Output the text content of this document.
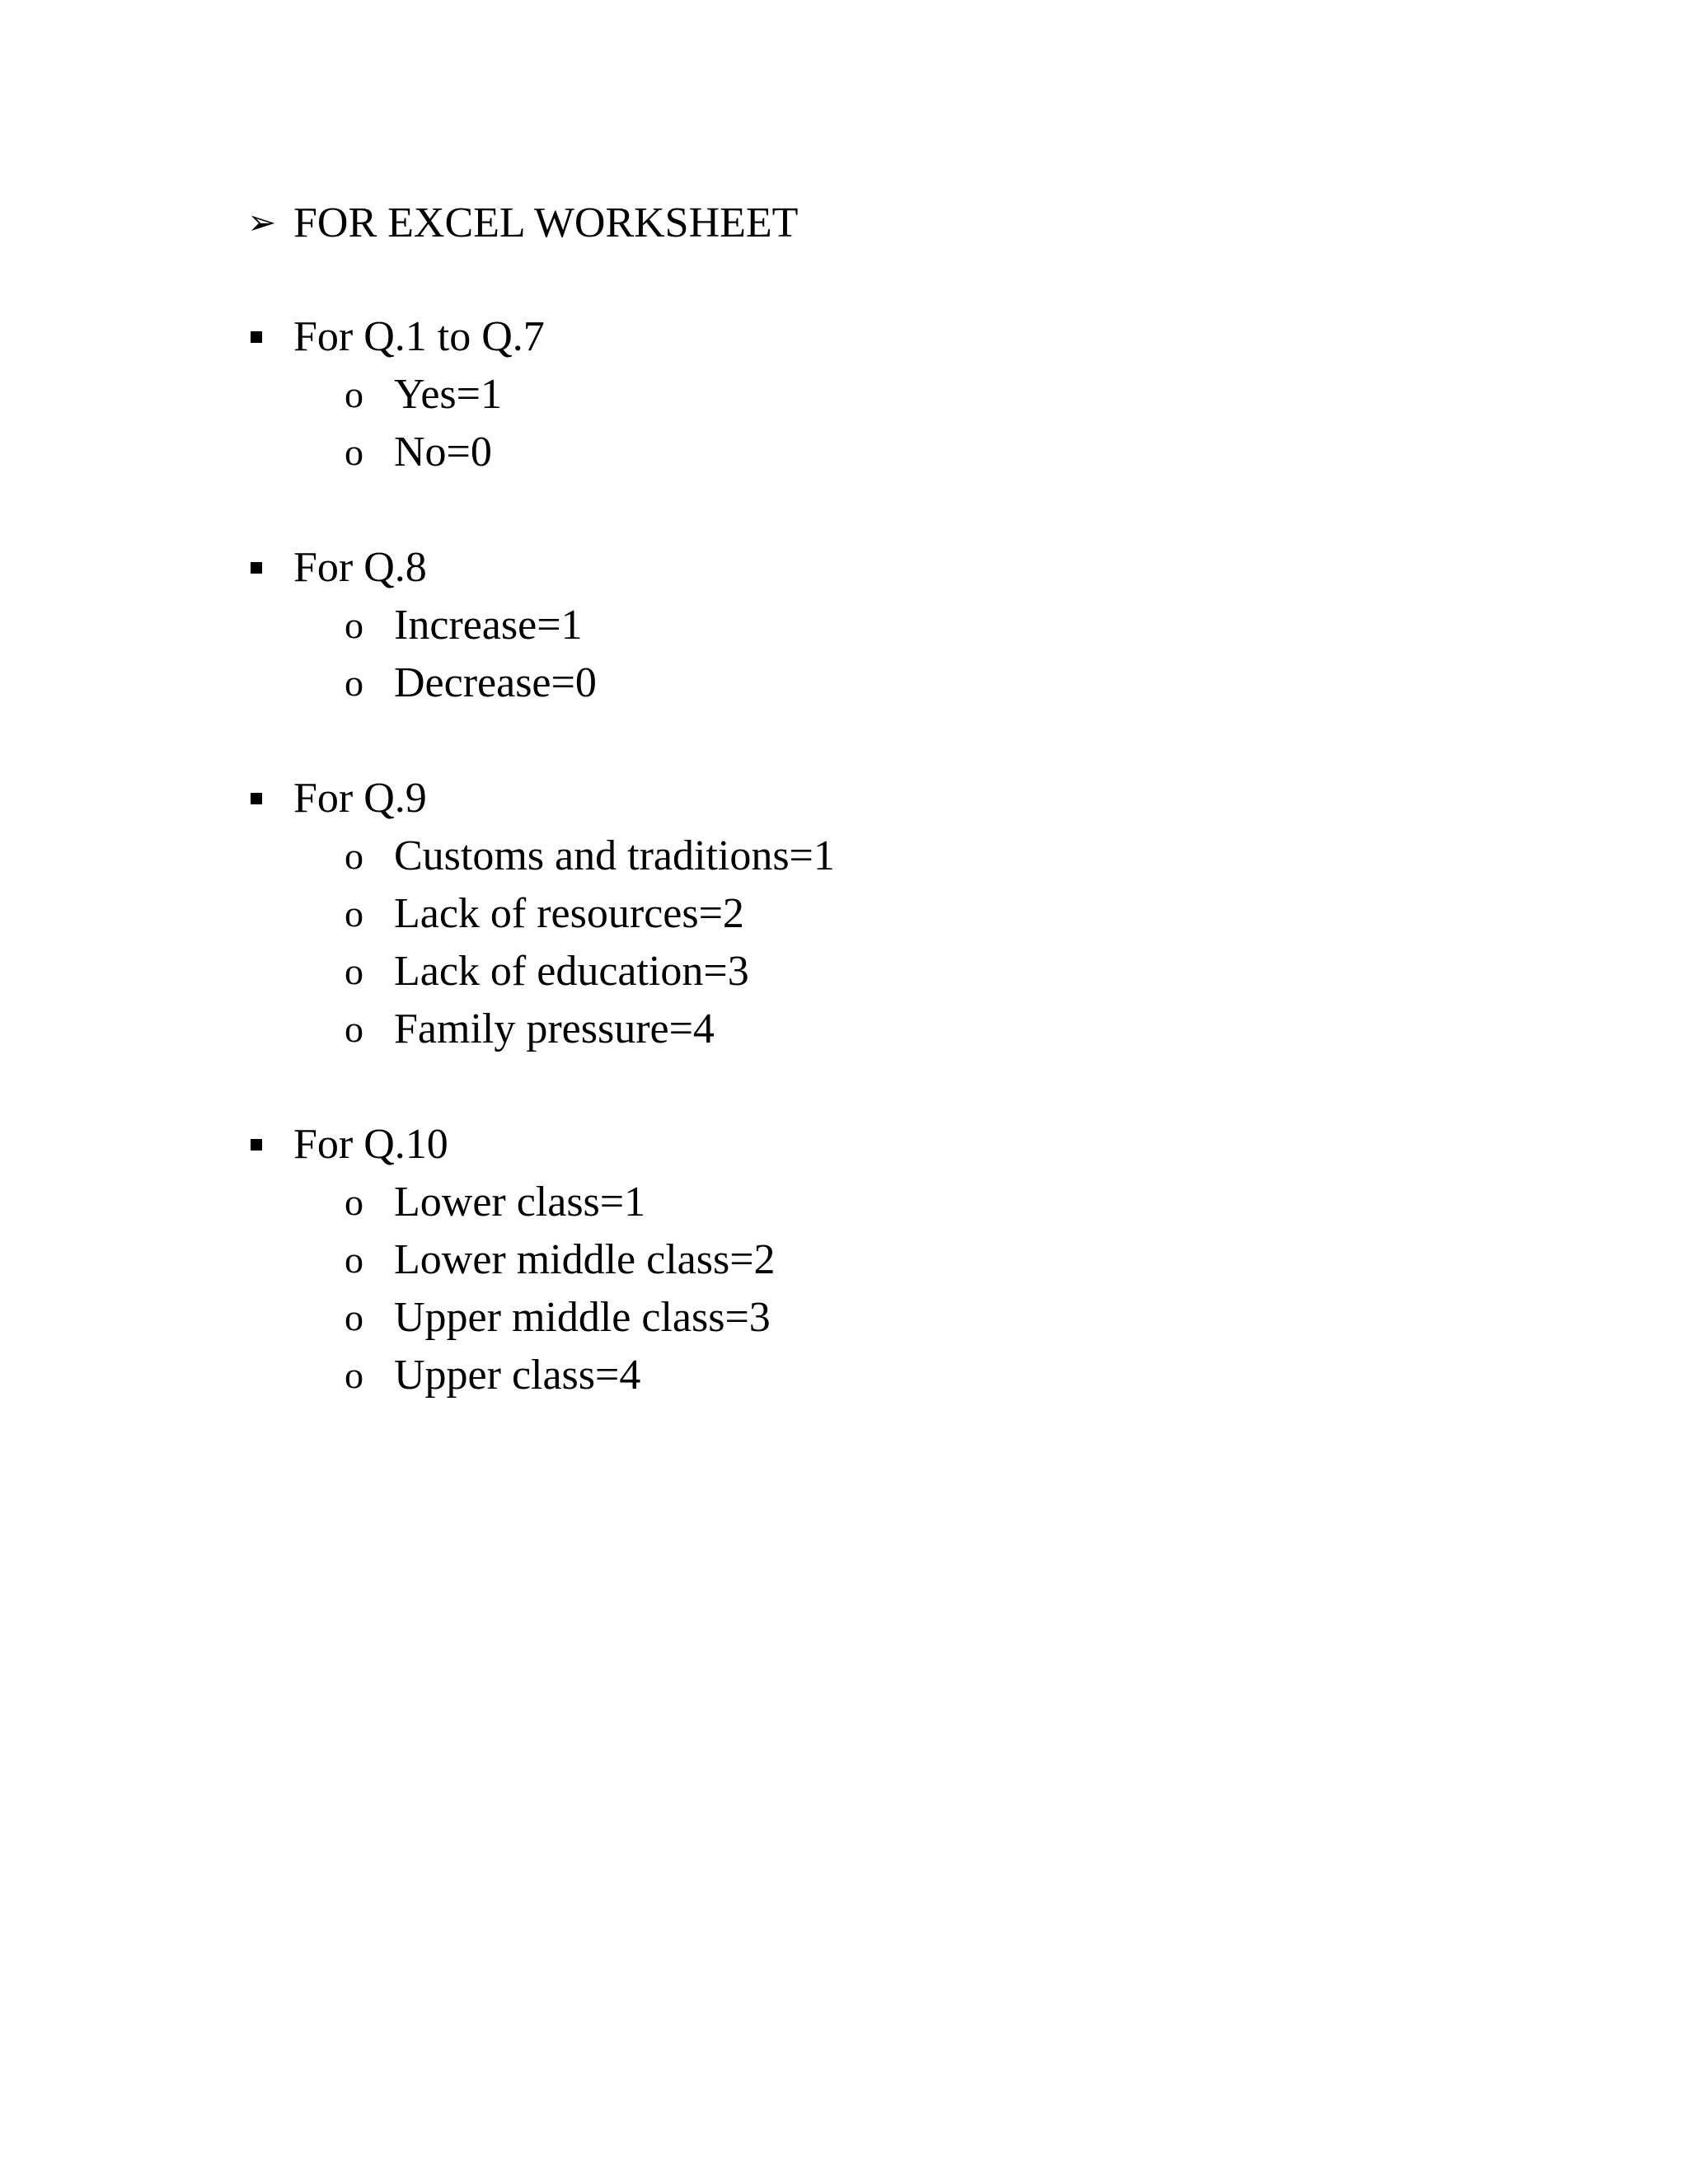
➢ FOR EXCEL WORKSHEET
For Q.1 to Q.7
o Yes=1
o No=0
For Q.8
o Increase=1
o Decrease=0
For Q.9
o Customs and traditions=1
o Lack of resources=2
o Lack of education=3
o Family pressure=4
For Q.10
o Lower class=1
o Lower middle class=2
o Upper middle class=3
o Upper class=4
